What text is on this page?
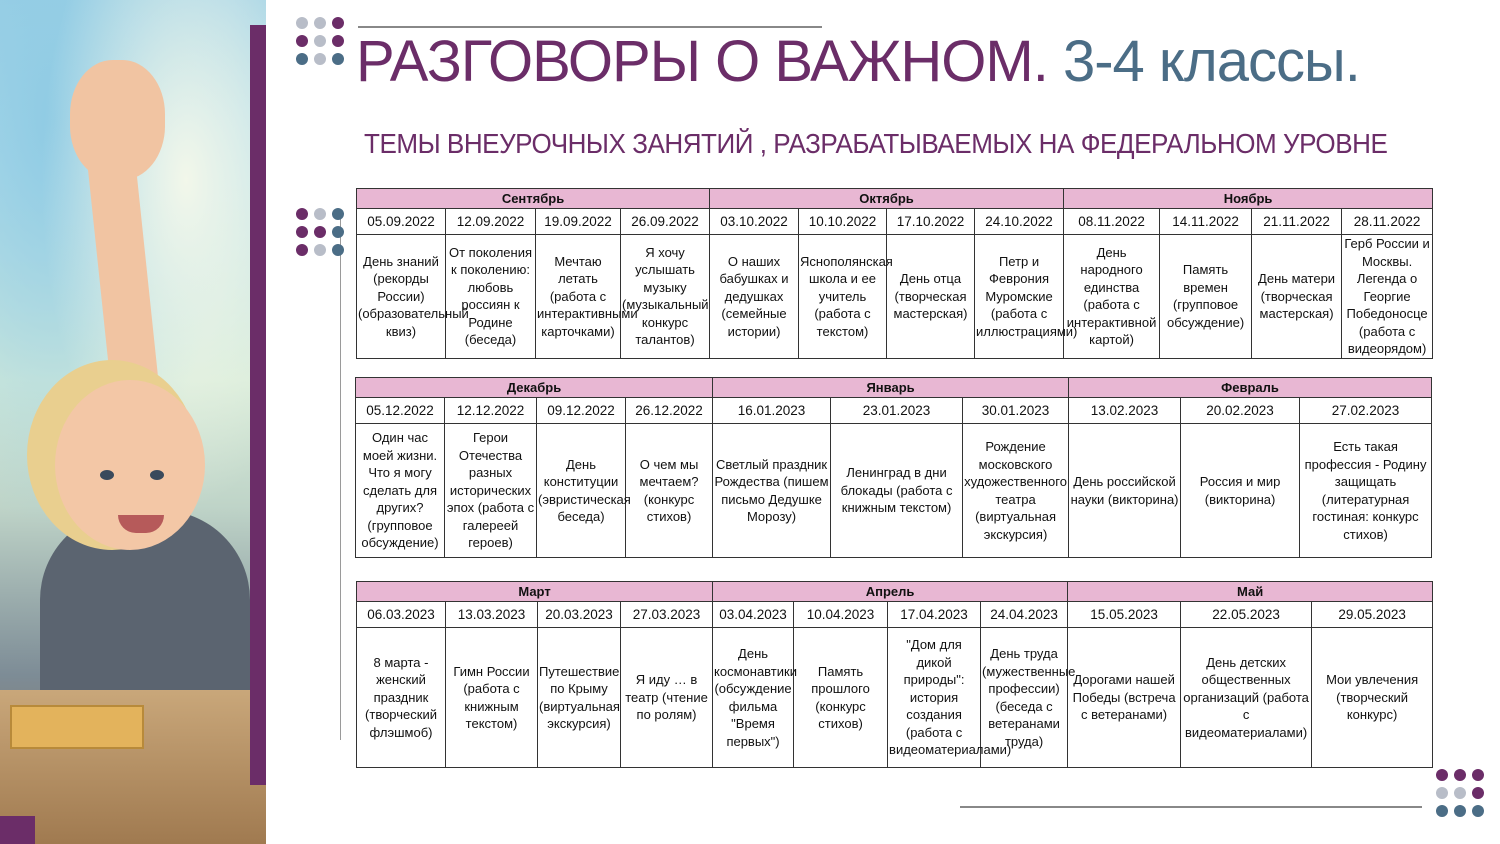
РАЗГОВОРЫ О ВАЖНОМ. 3-4 классы.
ТЕМЫ ВНЕУРОЧНЫХ ЗАНЯТИЙ , РАЗРАБАТЫВАЕМЫХ НА ФЕДЕРАЛЬНОМ УРОВНЕ
Сентябрь				Октябрь				Ноябрь			
05.09.2022	12.09.2022	19.09.2022	26.09.2022	03.10.2022	10.10.2022	17.10.2022	24.10.2022	08.11.2022	14.11.2022	21.11.2022	28.11.2022
День знаний (рекорды России) (образовательный квиз)	От поколения к поколению: любовь россиян к Родине (беседа)	Мечтаю летать (работа с интерактивными карточками)	Я хочу услышать музыку (музыкальный конкурс талантов)	О наших бабушках и дедушках (семейные истории)	Яснополянская школа и ее учитель (работа с текстом)	День отца (творческая мастерская)	Петр и Феврония Муромские (работа с иллюстрациями)	День народного единства (работа с интерактивной картой)	Память времен (групповое обсуждение)	День матери (творческая мастерская)	Герб России и Москвы. Легенда о Георгие Победоносце (работа с видеорядом)
Декабрь				Январь			Февраль		
05.12.2022	12.12.2022	09.12.2022	26.12.2022	16.01.2023	23.01.2023	30.01.2023	13.02.2023	20.02.2023	27.02.2023
Один час моей жизни. Что я могу сделать для других? (групповое обсуждение)	Герои Отечества разных исторических эпох (работа с галереей героев)	День конституции (эвристическая беседа)	О чем мы мечтаем? (конкурс стихов)	Светлый праздник Рождества (пишем письмо Дедушке Морозу)	Ленинград в дни блокады (работа с книжным текстом)	Рождение московского художественного театра (виртуальная экскурсия)	День российской науки (викторина)	Россия и мир (викторина)	Есть такая профессия - Родину защищать (литературная гостиная: конкурс стихов)
Март				Апрель				Май		
06.03.2023	13.03.2023	20.03.2023	27.03.2023	03.04.2023	10.04.2023	17.04.2023	24.04.2023	15.05.2023	22.05.2023	29.05.2023
8 марта - женский праздник (творческий флэшмоб)	Гимн России (работа с книжным текстом)	Путешествие по Крыму (виртуальная экскурсия)	Я иду … в театр (чтение по ролям)	День космонавтики (обсуждение фильма "Время первых")	Память прошлого (конкурс стихов)	"Дом для дикой природы": история создания (работа с видеоматериалами)	День труда (мужественные профессии) (беседа с ветеранами труда)	Дорогами нашей Победы (встреча с ветеранами)	День детских общественных организаций (работа с видеоматериалами)	Мои увлечения (творческий конкурс)
